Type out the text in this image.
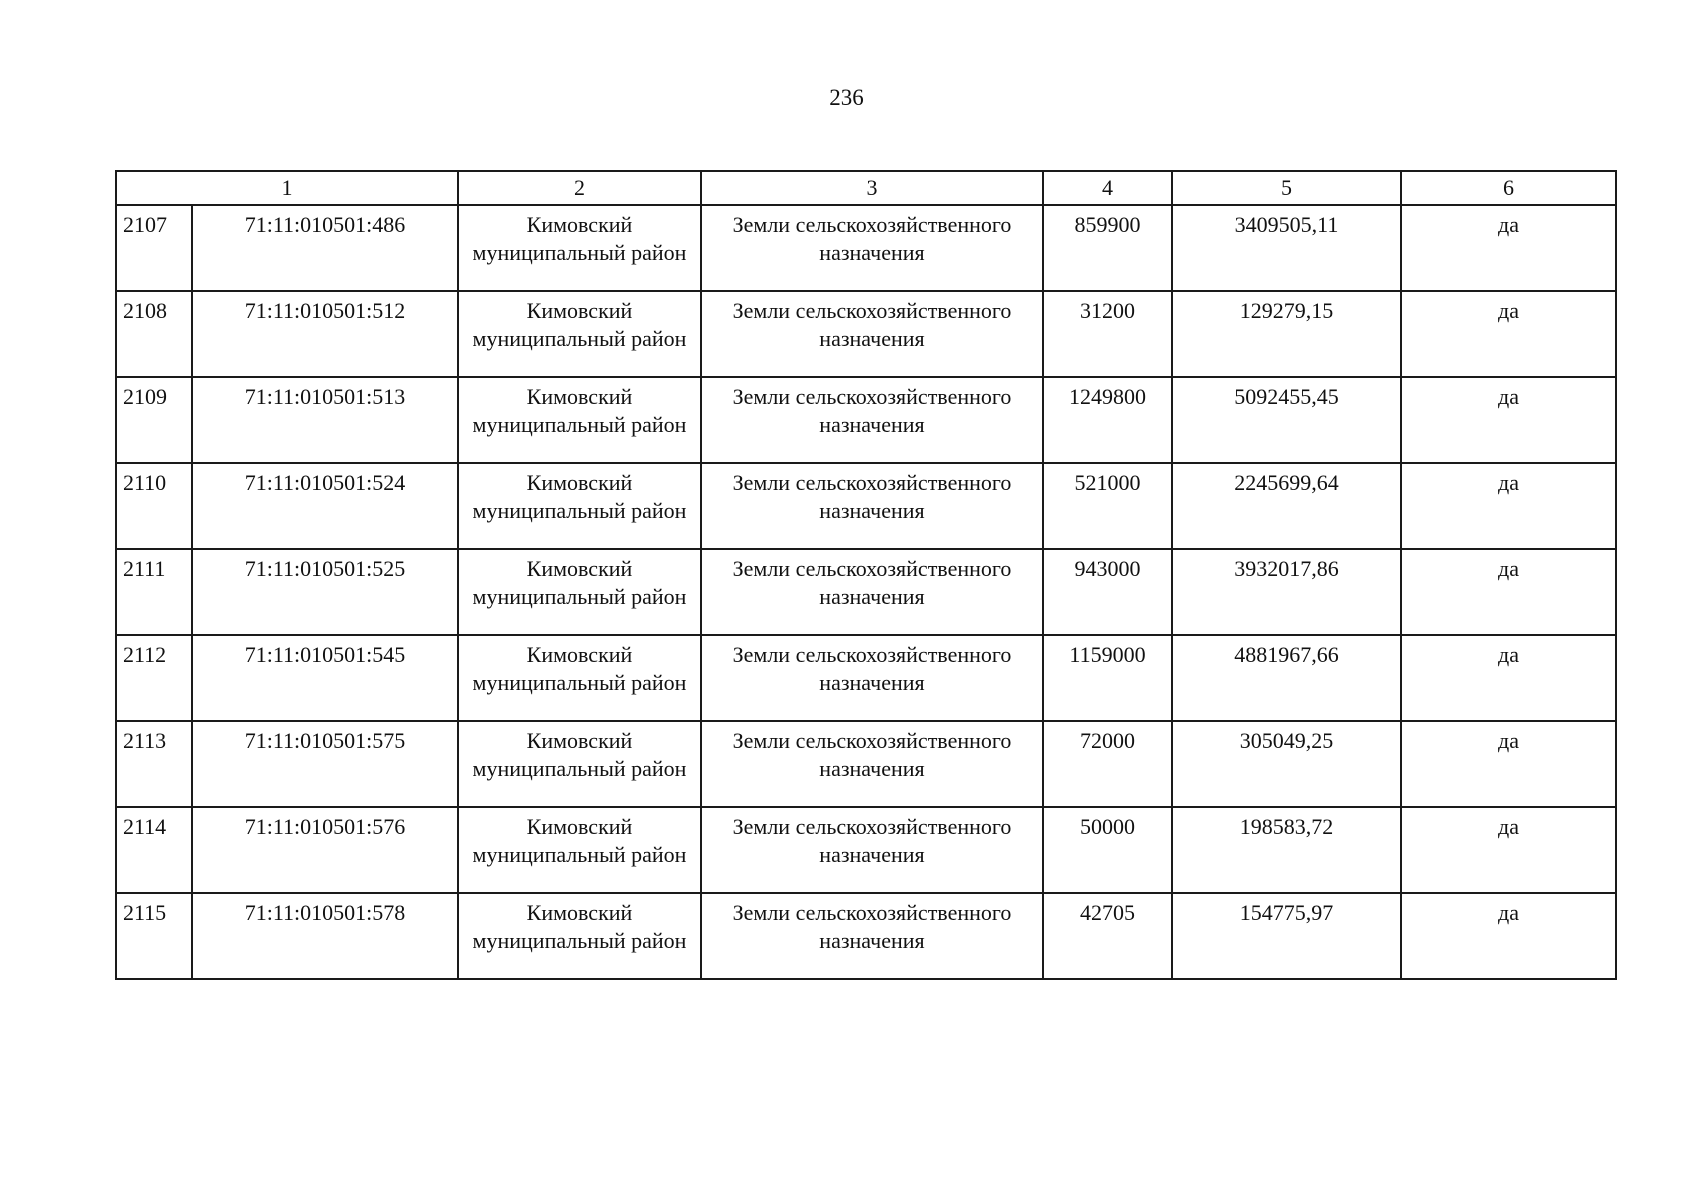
236
1		2	3	4	5	6
2107	71:11:010501:486	Кимовский муниципальный район	Земли сельскохозяйственного назначения	859900	3409505,11	да
2108	71:11:010501:512	Кимовский муниципальный район	Земли сельскохозяйственного назначения	31200	129279,15	да
2109	71:11:010501:513	Кимовский муниципальный район	Земли сельскохозяйственного назначения	1249800	5092455,45	да
2110	71:11:010501:524	Кимовский муниципальный район	Земли сельскохозяйственного назначения	521000	2245699,64	да
2111	71:11:010501:525	Кимовский муниципальный район	Земли сельскохозяйственного назначения	943000	3932017,86	да
2112	71:11:010501:545	Кимовский муниципальный район	Земли сельскохозяйственного назначения	1159000	4881967,66	да
2113	71:11:010501:575	Кимовский муниципальный район	Земли сельскохозяйственного назначения	72000	305049,25	да
2114	71:11:010501:576	Кимовский муниципальный район	Земли сельскохозяйственного назначения	50000	198583,72	да
2115	71:11:010501:578	Кимовский муниципальный район	Земли сельскохозяйственного назначения	42705	154775,97	да
